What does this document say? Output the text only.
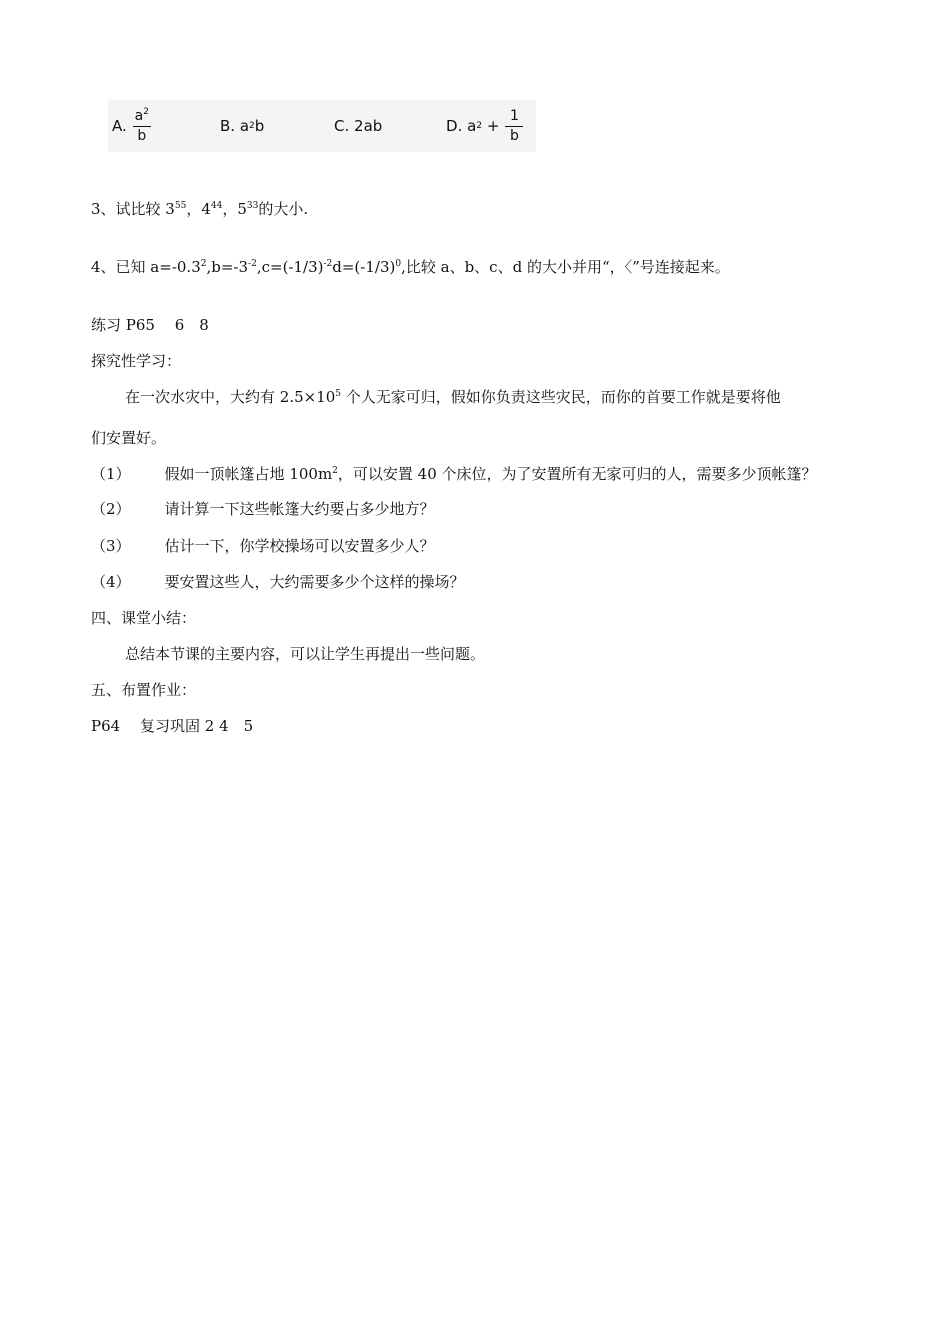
A. $\frac{a^2}{b}$	B.
a 2 b	C.
2ab	D.
a 2
+ $\frac{1}{b}$
3、试比较 $3^{55}$，$4^{44}$，$5^{33}$的大小.
4、已知 $a=-0.3^2,b=-3^{-2},c=(-1/3)^{-2}d=(-1/3)^0$,比较 a、b、c、d 的大小并用“，〈”号连接起来。
练习 P65　 6　8
探究性学习：
在一次水灾中，大约有 $2.5\times 10^5$ 个人无家可归，假如你负责这些灾民，而你的首要工作就是要将他
们安置好。
（1） 假如一顶帐篷占地 $100m^2$，可以安置 40 个床位，为了安置所有无家可归的人，需要多少顶帐篷？
（2） 请计算一下这些帐篷大约要占多少地方？
（3） 估计一下，你学校操场可以安置多少人？
（4） 要安置这些人，大约需要多少个这样的操场？
四、课堂小结：
总结本节课的主要内容，可以让学生再提出一些问题。
五、布置作业：
P64　 复习巩固 2 4　5
